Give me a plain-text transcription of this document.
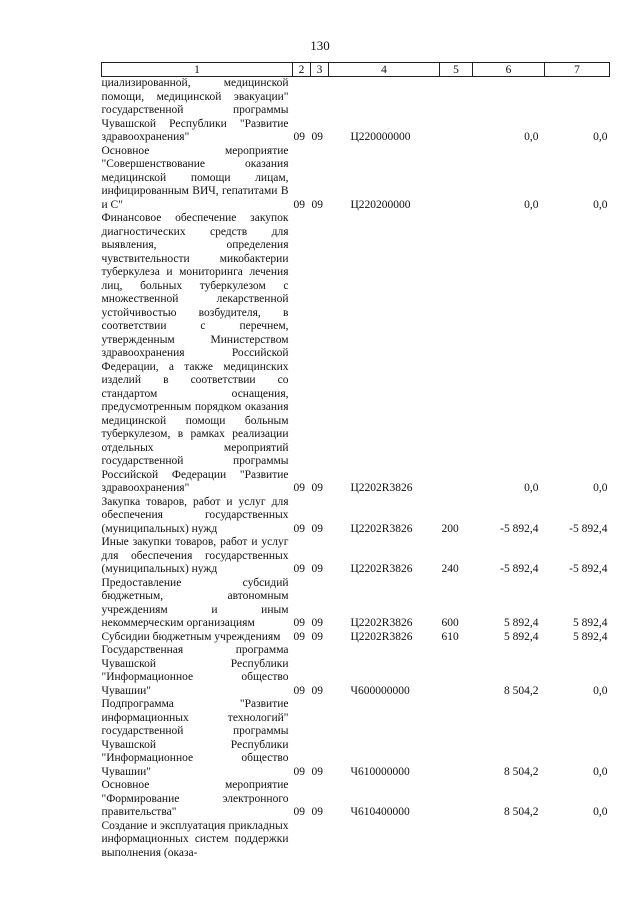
130
1	2	3	4	5	6	7
циализированной, медицинской помощи, медицинской эвакуации" государственной программы Чувашской Республики "Развитие здравоохранения"	09	09	Ц220000000		0,0	0,0
Основное мероприятие "Совершенствование оказания медицинской помощи лицам, инфицированным ВИЧ, гепатитами B и C"	09	09	Ц220200000		0,0	0,0
Финансовое обеспечение закупок диагностических средств для выявления, определения чувствительности микобактерии туберкулеза и мониторинга лечения лиц, больных туберкулезом с множественной лекарственной устойчивостью возбудителя, в соответствии с перечнем, утвержденным Министерством здравоохранения Российской Федерации, а также медицинских изделий в соответствии со стандартом оснащения, предусмотренным порядком оказания медицинской помощи больным туберкулезом, в рамках реализации отдельных мероприятий государственной программы Российской Федерации "Развитие здравоохранения"	09	09	Ц2202R3826		0,0	0,0
Закупка товаров, работ и услуг для обеспечения государственных (муниципальных) нужд	09	09	Ц2202R3826	200	-5 892,4	-5 892,4
Иные закупки товаров, работ и услуг для обеспечения государственных (муниципальных) нужд	09	09	Ц2202R3826	240	-5 892,4	-5 892,4
Предоставление субсидий бюджетным, автономным учреждениям и иным некоммерческим организациям	09	09	Ц2202R3826	600	5 892,4	5 892,4
Субсидии бюджетным учреждениям	09	09	Ц2202R3826	610	5 892,4	5 892,4
Государственная программа Чувашской Республики "Информационное общество Чувашии"	09	09	Ч600000000		8 504,2	0,0
Подпрограмма "Развитие информационных технологий" государственной программы Чувашской Республики "Информационное общество Чувашии"	09	09	Ч610000000		8 504,2	0,0
Основное мероприятие "Формирование электронного правительства"	09	09	Ч610400000		8 504,2	0,0
Создание и эксплуатация прикладных информационных систем поддержки выполнения (оказа-						
